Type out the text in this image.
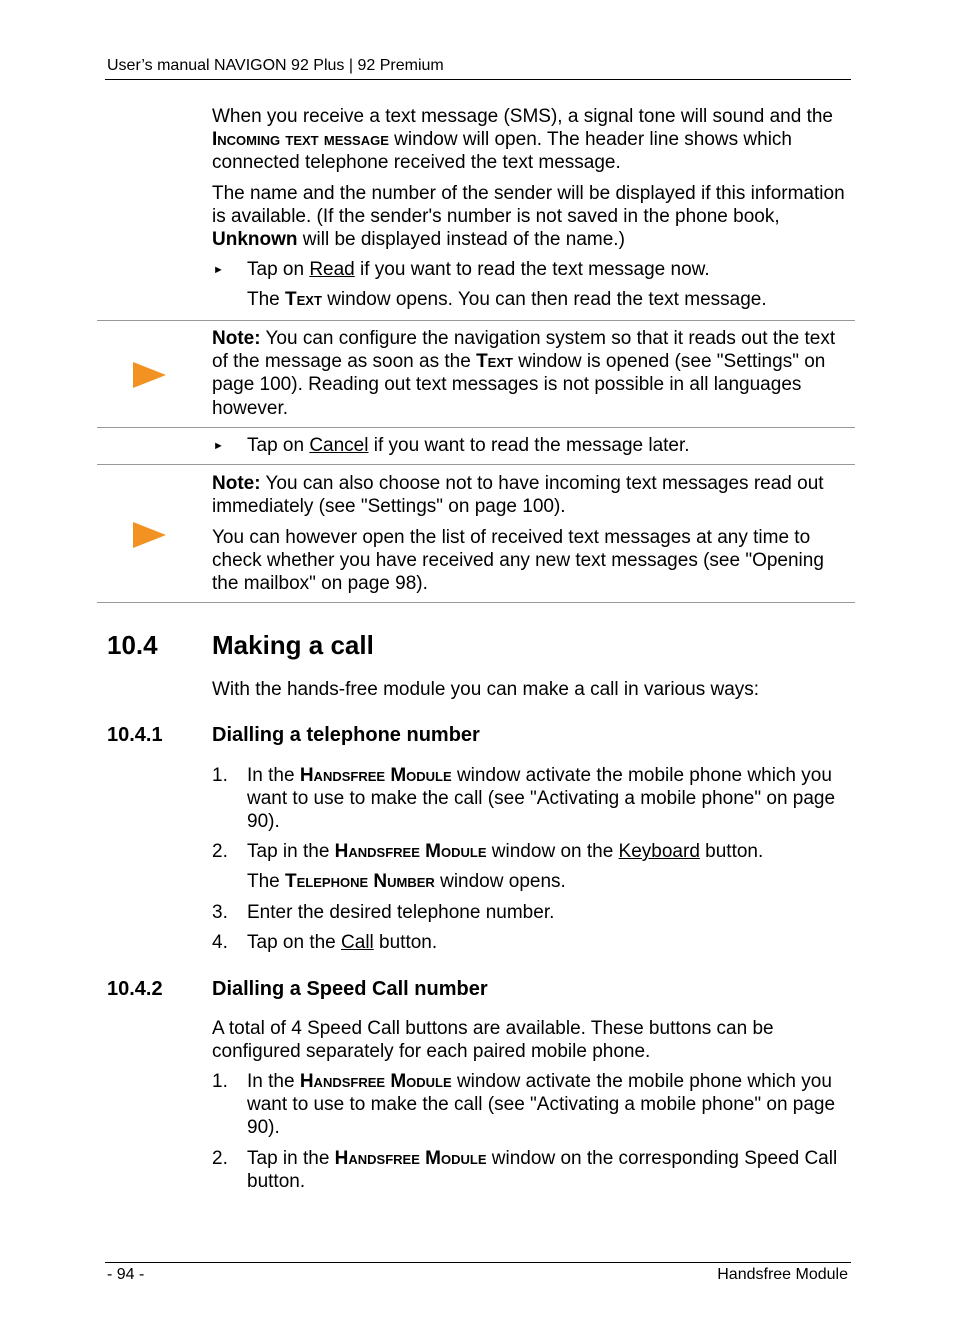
User’s manual NAVIGON 92 Plus | 92 Premium
When you receive a text message (SMS), a signal tone will sound and the Incoming text message window will open. The header line shows which connected telephone received the text message.
The name and the number of the sender will be displayed if this information is available. (If the sender's number is not saved in the phone book, Unknown will be displayed instead of the name.)
► Tap on Read if you want to read the text message now.
The Text window opens. You can then read the text message.
Note: You can configure the navigation system so that it reads out the text of the message as soon as the Text window is opened (see "Settings" on page 100). Reading out text messages is not possible in all languages however.
► Tap on Cancel if you want to read the message later.
Note: You can also choose not to have incoming text messages read out immediately (see "Settings" on page 100).
You can however open the list of received text messages at any time to check whether you have received any new text messages (see "Opening the mailbox" on page 98).
10.4 Making a call
With the hands-free module you can make a call in various ways:
10.4.1 Dialling a telephone number
1. In the Handsfree Module window activate the mobile phone which you want to use to make the call (see "Activating a mobile phone" on page 90).
2. Tap in the Handsfree Module window on the Keyboard button.
The Telephone Number window opens.
3. Enter the desired telephone number.
4. Tap on the Call button.
10.4.2 Dialling a Speed Call number
A total of 4 Speed Call buttons are available. These buttons can be configured separately for each paired mobile phone.
1. In the Handsfree Module window activate the mobile phone which you want to use to make the call (see "Activating a mobile phone" on page 90).
2. Tap in the Handsfree Module window on the corresponding Speed Call button.
- 94 -	Handsfree Module
